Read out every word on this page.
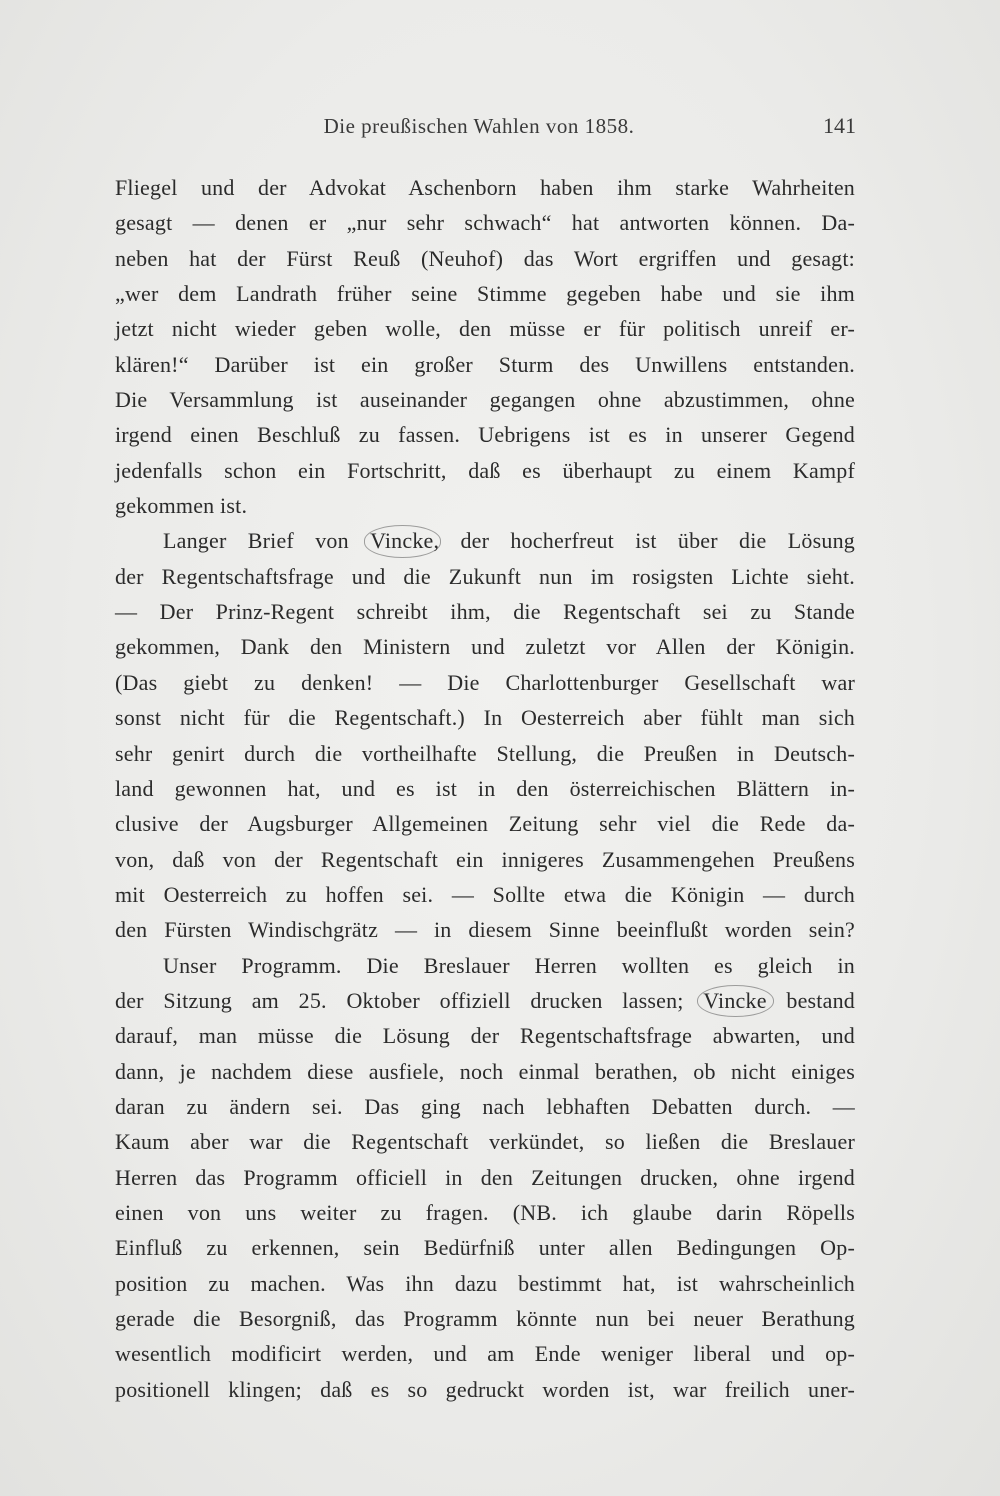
Die preußischen Wahlen von 1858.	141
Fliegel und der Advokat Aschenborn haben ihm starke Wahrheiten
gesagt — denen er „nur sehr schwach“ hat antworten können. Da-
neben hat der Fürst Reuß (Neuhof) das Wort ergriffen und gesagt:
„wer dem Landrath früher seine Stimme gegeben habe und sie ihm
jetzt nicht wieder geben wolle, den müsse er für politisch unreif er-
klären!“ Darüber ist ein großer Sturm des Unwillens entstanden.
Die Versammlung ist auseinander gegangen ohne abzustimmen, ohne
irgend einen Beschluß zu fassen. Uebrigens ist es in unserer Gegend
jedenfalls schon ein Fortschritt, daß es überhaupt zu einem Kampf
gekommen ist.
Langer Brief von Vincke, der hocherfreut ist über die Lösung
der Regentschaftsfrage und die Zukunft nun im rosigsten Lichte sieht.
— Der Prinz-Regent schreibt ihm, die Regentschaft sei zu Stande
gekommen, Dank den Ministern und zuletzt vor Allen der Königin.
(Das giebt zu denken! — Die Charlottenburger Gesellschaft war
sonst nicht für die Regentschaft.) In Oesterreich aber fühlt man sich
sehr genirt durch die vortheilhafte Stellung, die Preußen in Deutsch-
land gewonnen hat, und es ist in den österreichischen Blättern in-
clusive der Augsburger Allgemeinen Zeitung sehr viel die Rede da-
von, daß von der Regentschaft ein innigeres Zusammengehen Preußens
mit Oesterreich zu hoffen sei. — Sollte etwa die Königin — durch
den Fürsten Windischgrätz — in diesem Sinne beeinflußt worden sein?
Unser Programm. Die Breslauer Herren wollten es gleich in
der Sitzung am 25. Oktober offiziell drucken lassen; Vincke bestand
darauf, man müsse die Lösung der Regentschaftsfrage abwarten, und
dann, je nachdem diese ausfiele, noch einmal berathen, ob nicht einiges
daran zu ändern sei. Das ging nach lebhaften Debatten durch. —
Kaum aber war die Regentschaft verkündet, so ließen die Breslauer
Herren das Programm officiell in den Zeitungen drucken, ohne irgend
einen von uns weiter zu fragen. (NB. ich glaube darin Röpells
Einfluß zu erkennen, sein Bedürfniß unter allen Bedingungen Op-
position zu machen. Was ihn dazu bestimmt hat, ist wahrscheinlich
gerade die Besorgniß, das Programm könnte nun bei neuer Berathung
wesentlich modificirt werden, und am Ende weniger liberal und op-
positionell klingen; daß es so gedruckt worden ist, war freilich uner-
